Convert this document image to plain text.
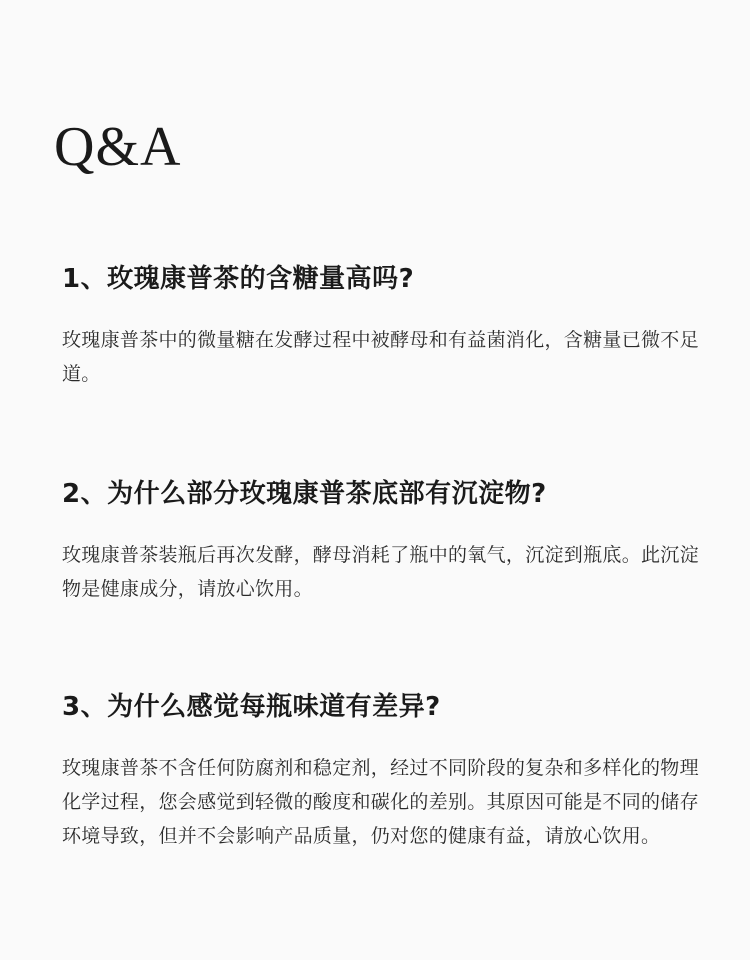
Q&A
1、玫瑰康普茶的含糖量高吗?

玫瑰康普茶中的微量糖在发酵过程中被酵母和有益菌消化，含糖量已微不足道。

2、为什么部分玫瑰康普茶底部有沉淀物?

玫瑰康普茶装瓶后再次发酵，酵母消耗了瓶中的氧气，沉淀到瓶底。此沉淀物是健康成分，请放心饮用。

3、为什么感觉每瓶味道有差异?

玫瑰康普茶不含任何防腐剂和稳定剂，经过不同阶段的复杂和多样化的物理化学过程，您会感觉到轻微的酸度和碳化的差别。其原因可能是不同的储存环境导致，但并不会影响产品质量，仍对您的健康有益，请放心饮用。
